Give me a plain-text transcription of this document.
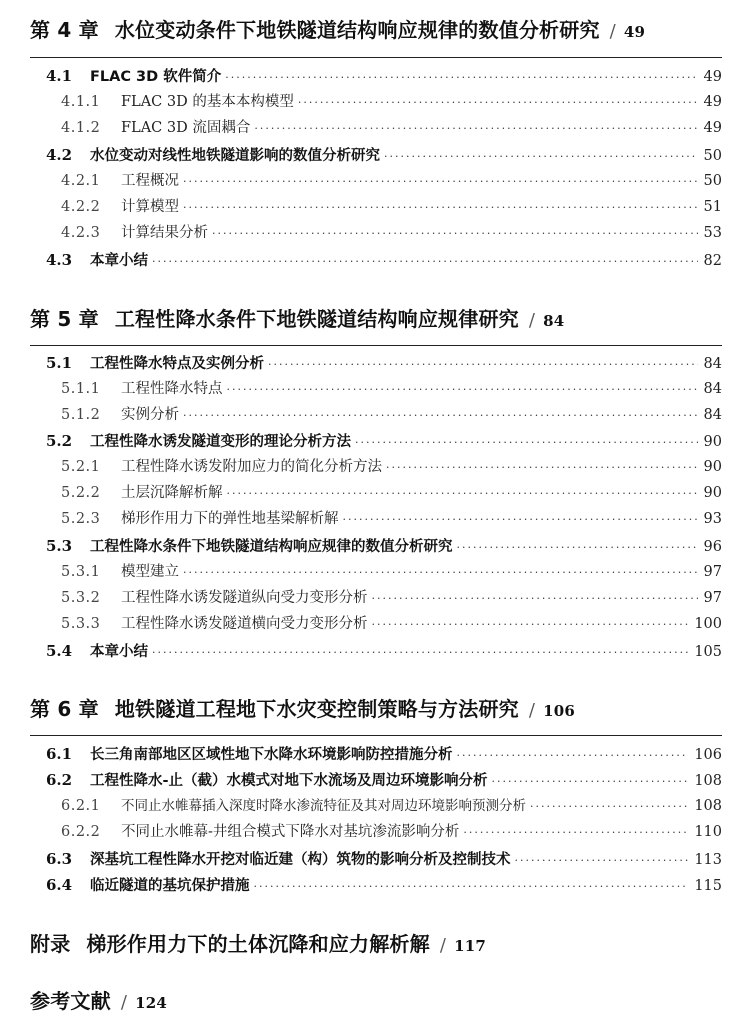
第 4 章 水位变动条件下地铁隧道结构响应规律的数值分析研究 / 49
4.1	FLAC 3D 软件简介 ·····	49
4.1.1	FLAC 3D 的基本本构模型 ·····	49
4.1.2	FLAC 3D 流固耦合 ·····	49
4.2	水位变动对线性地铁隧道影响的数值分析研究 ·····	50
4.2.1	工程概况 ·····	50
4.2.2	计算模型 ·····	51
4.2.3	计算结果分析 ·····	53
4.3	本章小结 ·····	82
第 5 章 工程性降水条件下地铁隧道结构响应规律研究 / 84
5.1	工程性降水特点及实例分析 ·····	84
5.1.1	工程性降水特点 ·····	84
5.1.2	实例分析 ·····	84
5.2	工程性降水诱发隧道变形的理论分析方法 ·····	90
5.2.1	工程性降水诱发附加应力的简化分析方法 ·····	90
5.2.2	土层沉降解析解 ·····	90
5.2.3	梯形作用力下的弹性地基梁解析解 ·····	93
5.3	工程性降水条件下地铁隧道结构响应规律的数值分析研究 ·····	96
5.3.1	模型建立 ·····	97
5.3.2	工程性降水诱发隧道纵向受力变形分析 ·····	97
5.3.3	工程性降水诱发隧道横向受力变形分析 ·····	100
5.4	本章小结 ·····	105
第 6 章 地铁隧道工程地下水灾变控制策略与方法研究 / 106
6.1	长三角南部地区区域性地下水降水环境影响防控措施分析 ·····	106
6.2	工程性降水-止（截）水模式对地下水流场及周边环境影响分析 ·····	108
6.2.1	不同止水帷幕插入深度时降水渗流特征及其对周边环境影响预测分析 ·····	108
6.2.2	不同止水帷幕-井组合模式下降水对基坑渗流影响分析 ·····	110
6.3	深基坑工程性降水开挖对临近建（构）筑物的影响分析及控制技术 ·····	113
6.4	临近隧道的基坑保护措施 ·····	115
附录 梯形作用力下的土体沉降和应力解析解 / 117
参考文献 / 124
